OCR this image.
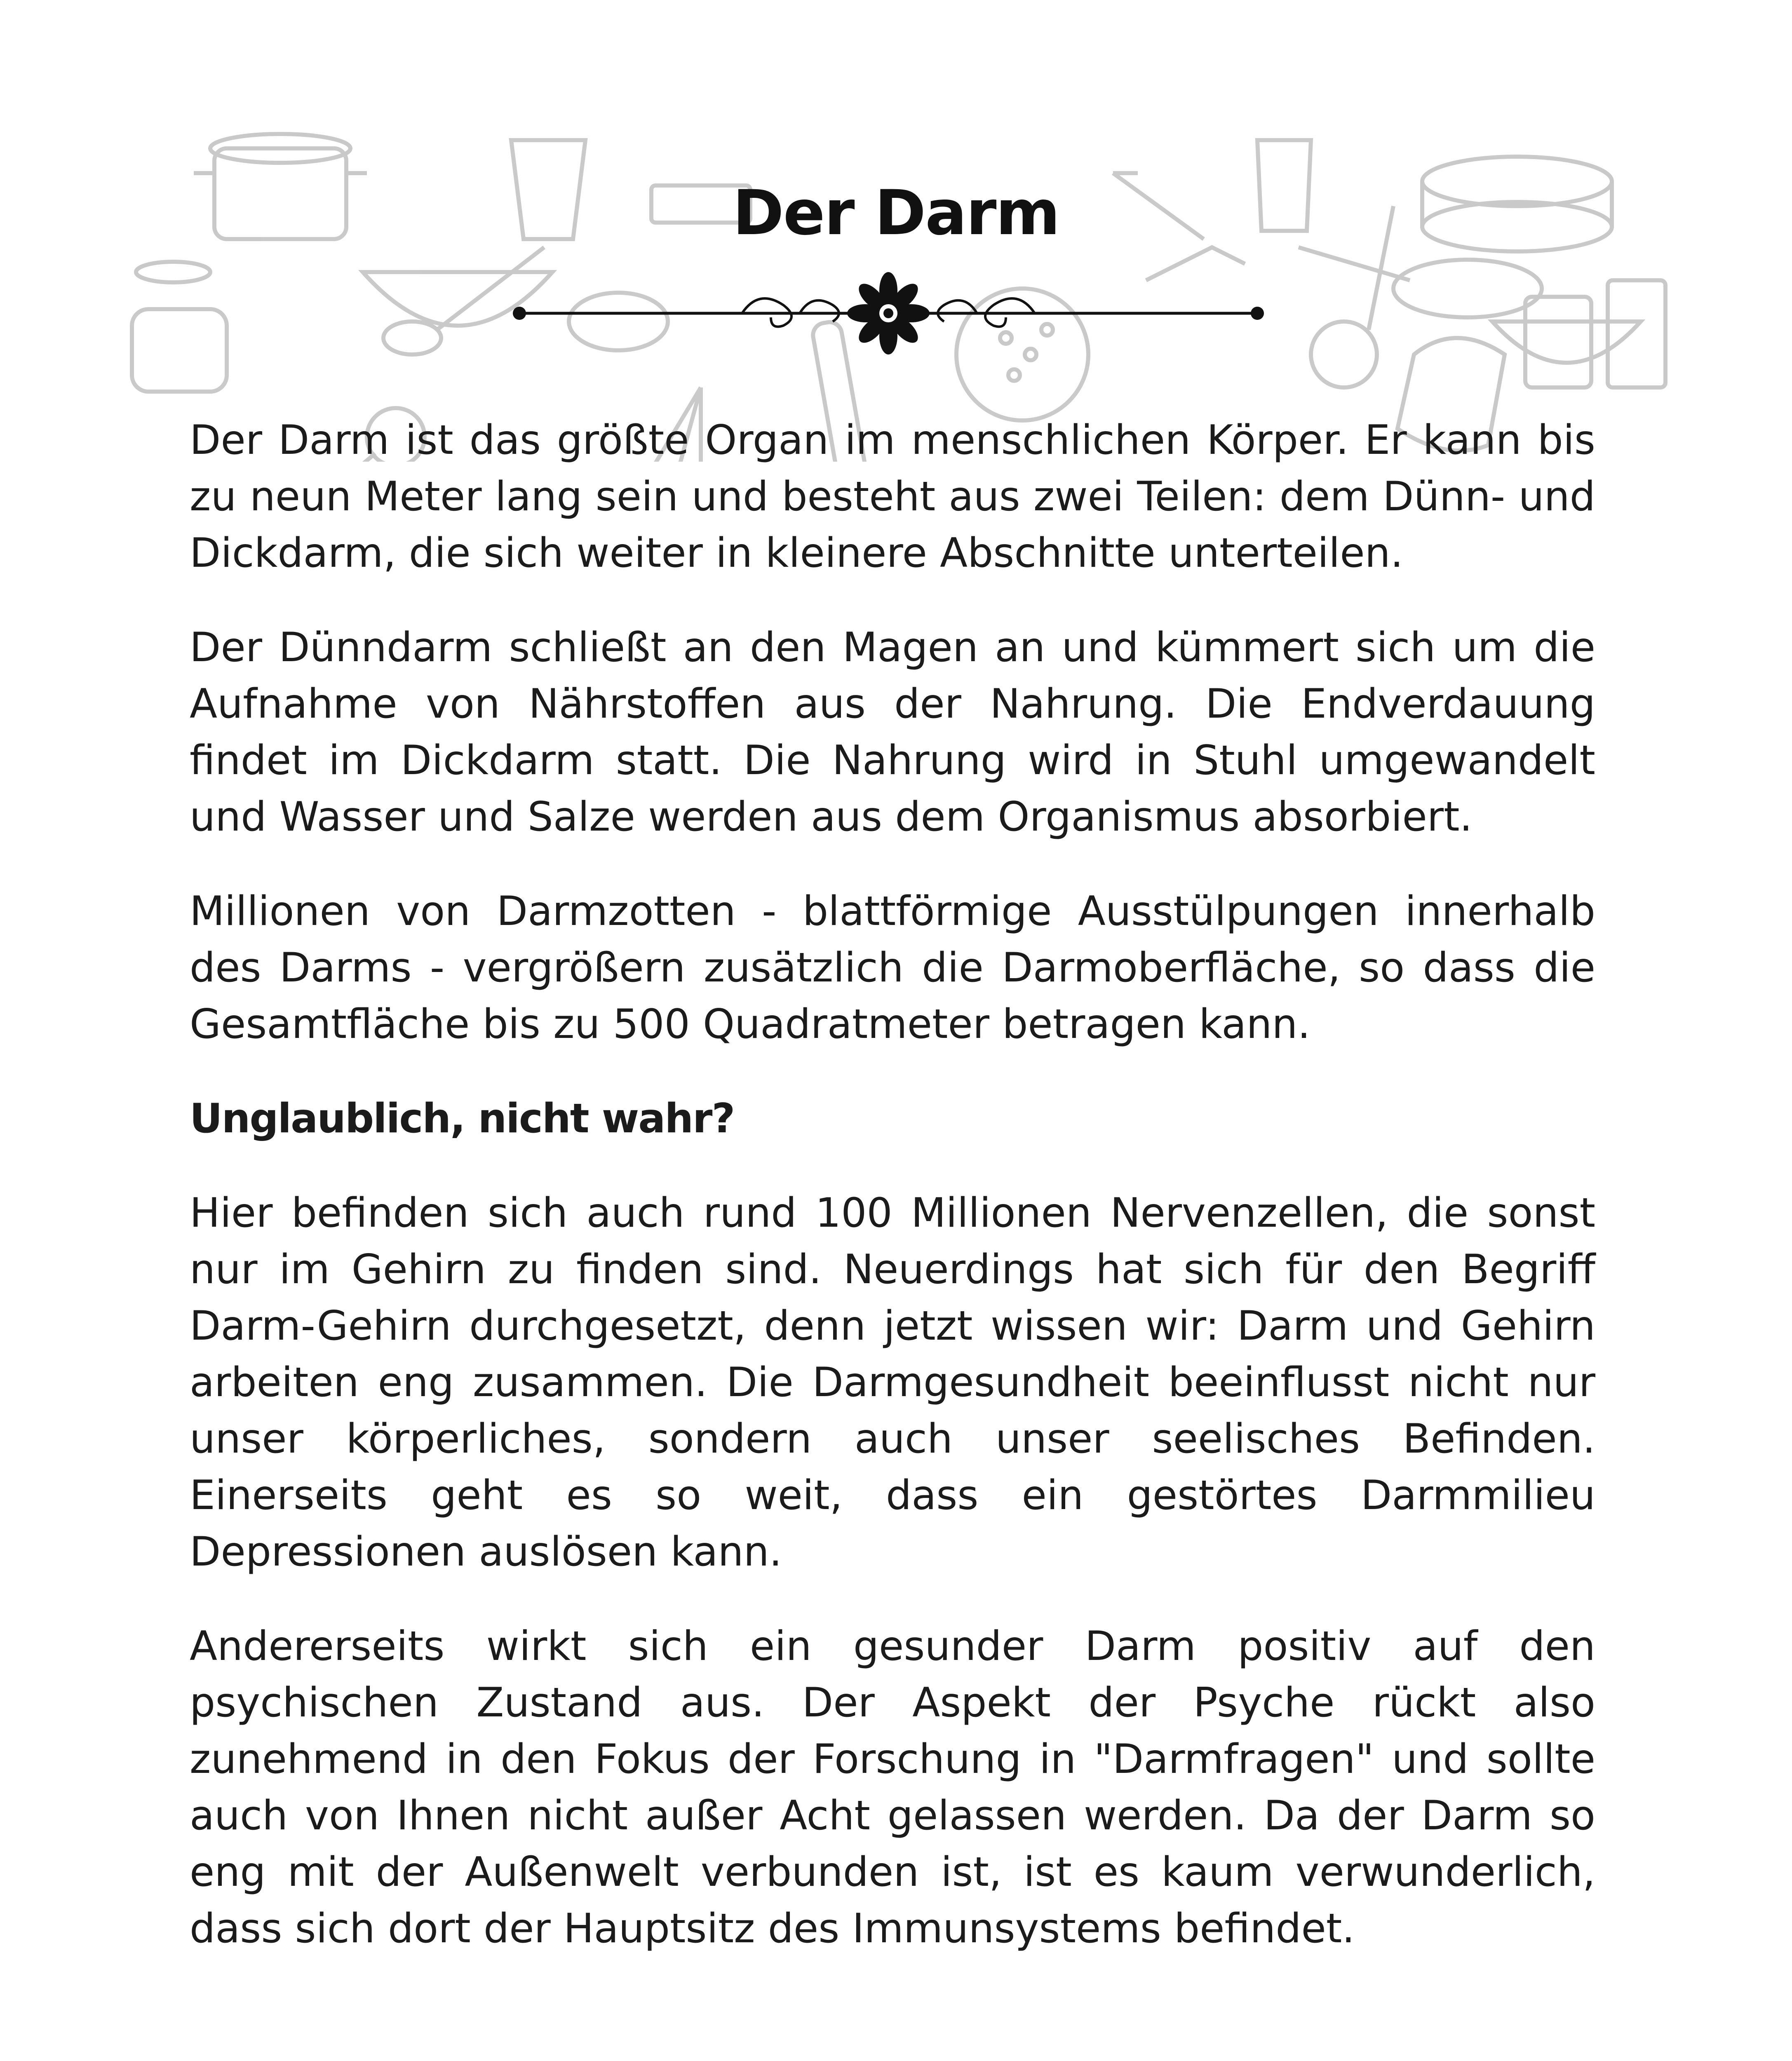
Der Darm

Der Darm ist das größte Organ im menschlichen Körper. Er kann bis zu neun Meter lang sein und besteht aus zwei Teilen: dem Dünn- und Dickdarm, die sich weiter in kleinere Abschnitte unterteilen.

Der Dünndarm schließt an den Magen an und kümmert sich um die Aufnahme von Nährstoffen aus der Nahrung. Die Endverdauung findet im Dickdarm statt. Die Nahrung wird in Stuhl umgewandelt und Wasser und Salze werden aus dem Organismus absorbiert.

Millionen von Darmzotten - blattförmige Ausstülpungen innerhalb des Darms - vergrößern zusätzlich die Darmoberfläche, so dass die Gesamtfläche bis zu 500 Quadratmeter betragen kann.

Unglaublich, nicht wahr?

Hier befinden sich auch rund 100 Millionen Nervenzellen, die sonst nur im Gehirn zu finden sind. Neuerdings hat sich für den Begriff Darm-Gehirn durchgesetzt, denn jetzt wissen wir: Darm und Gehirn arbeiten eng zusammen. Die Darmgesundheit beeinflusst nicht nur unser körperliches, sondern auch unser seelisches Befinden. Einerseits geht es so weit, dass ein gestörtes Darmmilieu Depressionen auslösen kann.

Andererseits wirkt sich ein gesunder Darm positiv auf den psychischen Zustand aus. Der Aspekt der Psyche rückt also zunehmend in den Fokus der Forschung in "Darmfragen" und sollte auch von Ihnen nicht außer Acht gelassen werden. Da der Darm so eng mit der Außenwelt verbunden ist, ist es kaum verwunderlich, dass sich dort der Hauptsitz des Immunsystems befindet.
